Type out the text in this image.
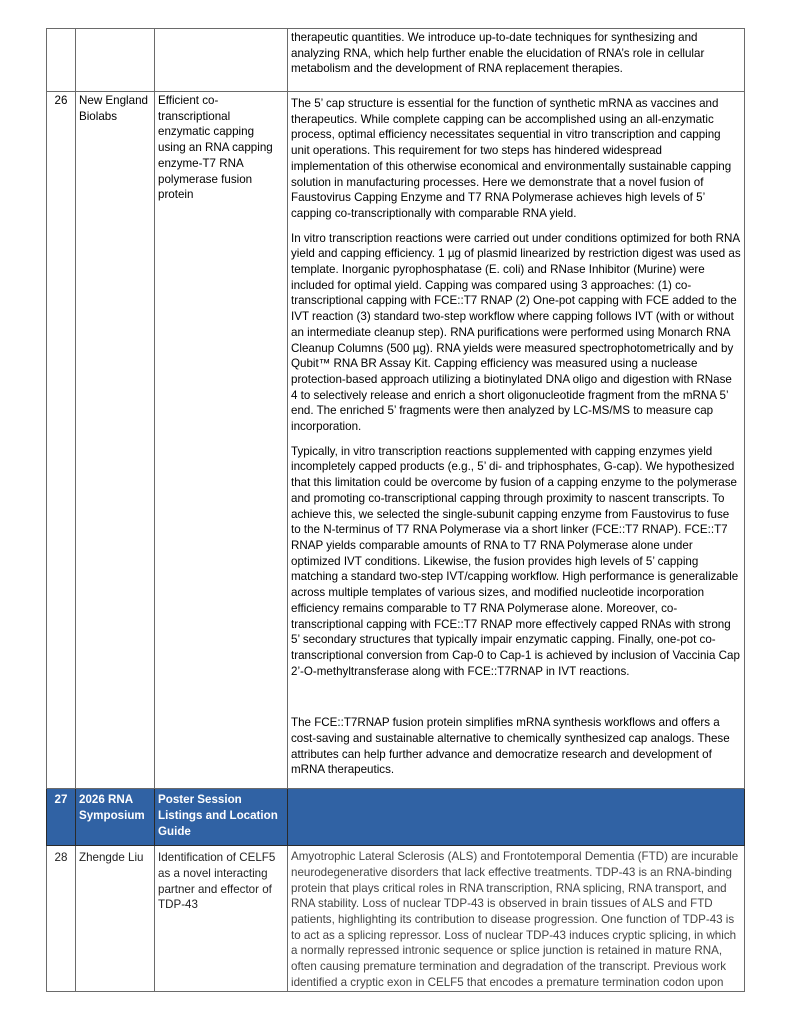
			therapeutic quantities. We introduce up-to-date techniques for synthesizing and analyzing RNA, which help further enable the elucidation of RNA’s role in cellular metabolism and the development of RNA replacement therapies.

26	New England Biolabs	Efficient co-transcriptional enzymatic capping using an RNA capping enzyme-T7 RNA polymerase fusion protein	The 5’ cap structure is essential for the function of synthetic mRNA as vaccines and therapeutics. While complete capping can be accomplished using an all-enzymatic process, optimal efficiency necessitates sequential in vitro transcription and capping unit operations. This requirement for two steps has hindered widespread implementation of this otherwise economical and environmentally sustainable capping solution in manufacturing processes. Here we demonstrate that a novel fusion of Faustovirus Capping Enzyme and T7 RNA Polymerase achieves high levels of 5’ capping co-transcriptionally with comparable RNA yield.

In vitro transcription reactions were carried out under conditions optimized for both RNA yield and capping efficiency. 1 µg of plasmid linearized by restriction digest was used as template. Inorganic pyrophosphatase (E. coli) and RNase Inhibitor (Murine) were included for optimal yield. Capping was compared using 3 approaches: (1) co-transcriptional capping with FCE::T7 RNAP (2) One-pot capping with FCE added to the IVT reaction (3) standard two-step workflow where capping follows IVT (with or without an intermediate cleanup step). RNA purifications were performed using Monarch RNA Cleanup Columns (500 µg). RNA yields were measured spectrophotometrically and by Qubit™ RNA BR Assay Kit. Capping efficiency was measured using a nuclease protection-based approach utilizing a biotinylated DNA oligo and digestion with RNase 4 to selectively release and enrich a short oligonucleotide fragment from the mRNA 5’ end. The enriched 5’ fragments were then analyzed by LC-MS/MS to measure cap incorporation.

Typically, in vitro transcription reactions supplemented with capping enzymes yield incompletely capped products (e.g., 5’ di- and triphosphates, G-cap). We hypothesized that this limitation could be overcome by fusion of a capping enzyme to the polymerase and promoting co-transcriptional capping through proximity to nascent transcripts. To achieve this, we selected the single-subunit capping enzyme from Faustovirus to fuse to the N-terminus of T7 RNA Polymerase via a short linker (FCE::T7 RNAP). FCE::T7 RNAP yields comparable amounts of RNA to T7 RNA Polymerase alone under optimized IVT conditions. Likewise, the fusion provides high levels of 5’ capping matching a standard two-step IVT/capping workflow. High performance is generalizable across multiple templates of various sizes, and modified nucleotide incorporation efficiency remains comparable to T7 RNA Polymerase alone. Moreover, co-transcriptional capping with FCE::T7 RNAP more effectively capped RNAs with strong 5’ secondary structures that typically impair enzymatic capping. Finally, one-pot co-transcriptional conversion from Cap-0 to Cap-1 is achieved by inclusion of Vaccinia Cap 2’-O-methyltransferase along with FCE::T7RNAP in IVT reactions.

The FCE::T7RNAP fusion protein simplifies mRNA synthesis workflows and offers a cost-saving and sustainable alternative to chemically synthesized cap analogs. These attributes can help further advance and democratize research and development of mRNA therapeutics.

27	2026 RNA Symposium	Poster Session Listings and Location Guide	
28	Zhengde Liu	Identification of CELF5 as a novel interacting partner and effector of TDP-43	Amyotrophic Lateral Sclerosis (ALS) and Frontotemporal Dementia (FTD) are incurable neurodegenerative disorders that lack effective treatments. TDP-43 is an RNA-binding protein that plays critical roles in RNA transcription, RNA splicing, RNA transport, and RNA stability. Loss of nuclear TDP-43 is observed in brain tissues of ALS and FTD patients, highlighting its contribution to disease progression. One function of TDP-43 is to act as a splicing repressor. Loss of nuclear TDP-43 induces cryptic splicing, in which a normally repressed intronic sequence or splice junction is retained in mature RNA, often causing premature termination and degradation of the transcript. Previous work identified a cryptic exon in CELF5 that encodes a premature termination codon upon
